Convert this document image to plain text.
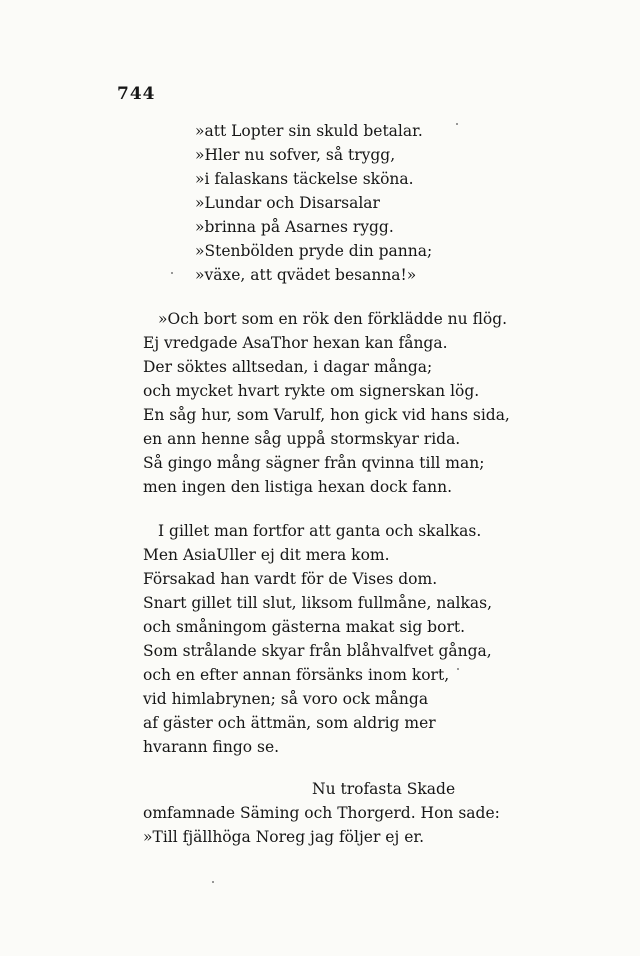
744
»att Lopter sin skuld betalar.
»Hler nu sofver, så trygg,
»i falaskans täckelse sköna.
»Lundar och Disarsalar
»brinna på Asarnes rygg.
»Stenbölden pryde din panna;
»växe, att qvädet besanna!»
»Och bort som en rök den förklädde nu flög.
Ej vredgade AsaThor hexan kan fånga.
Der söktes allts​edan, i dagar många;
och mycket hvart rykte om signerskan lög.
En såg hur, som Varulf, hon gick vid hans sida,
en ann henne såg uppå stormskyar rida.
Så gingo mång sägner från qvinna till man;
men ingen den listiga hexan dock fann.
I gillet man fortfor att ganta och skalkas.
Men AsiaUller ej dit mera kom.
Försakad han vardt för de Vises dom.
Snart gillet till slut, liksom fullmåne, nalkas,
och småningom gästerna makat sig bort.
Som strålande skyar från blåhvalfvet gånga,
och en efter annan försänks inom kort,
vid himlabrynen; så voro ock många
af gäster och ättmän, som aldrig mer
hvarann fingo se.
Nu trofasta Skade
omfamnade Säming och Thorgerd. Hon sade:
»Till fjällhöga Noreg jag följer ej er.
